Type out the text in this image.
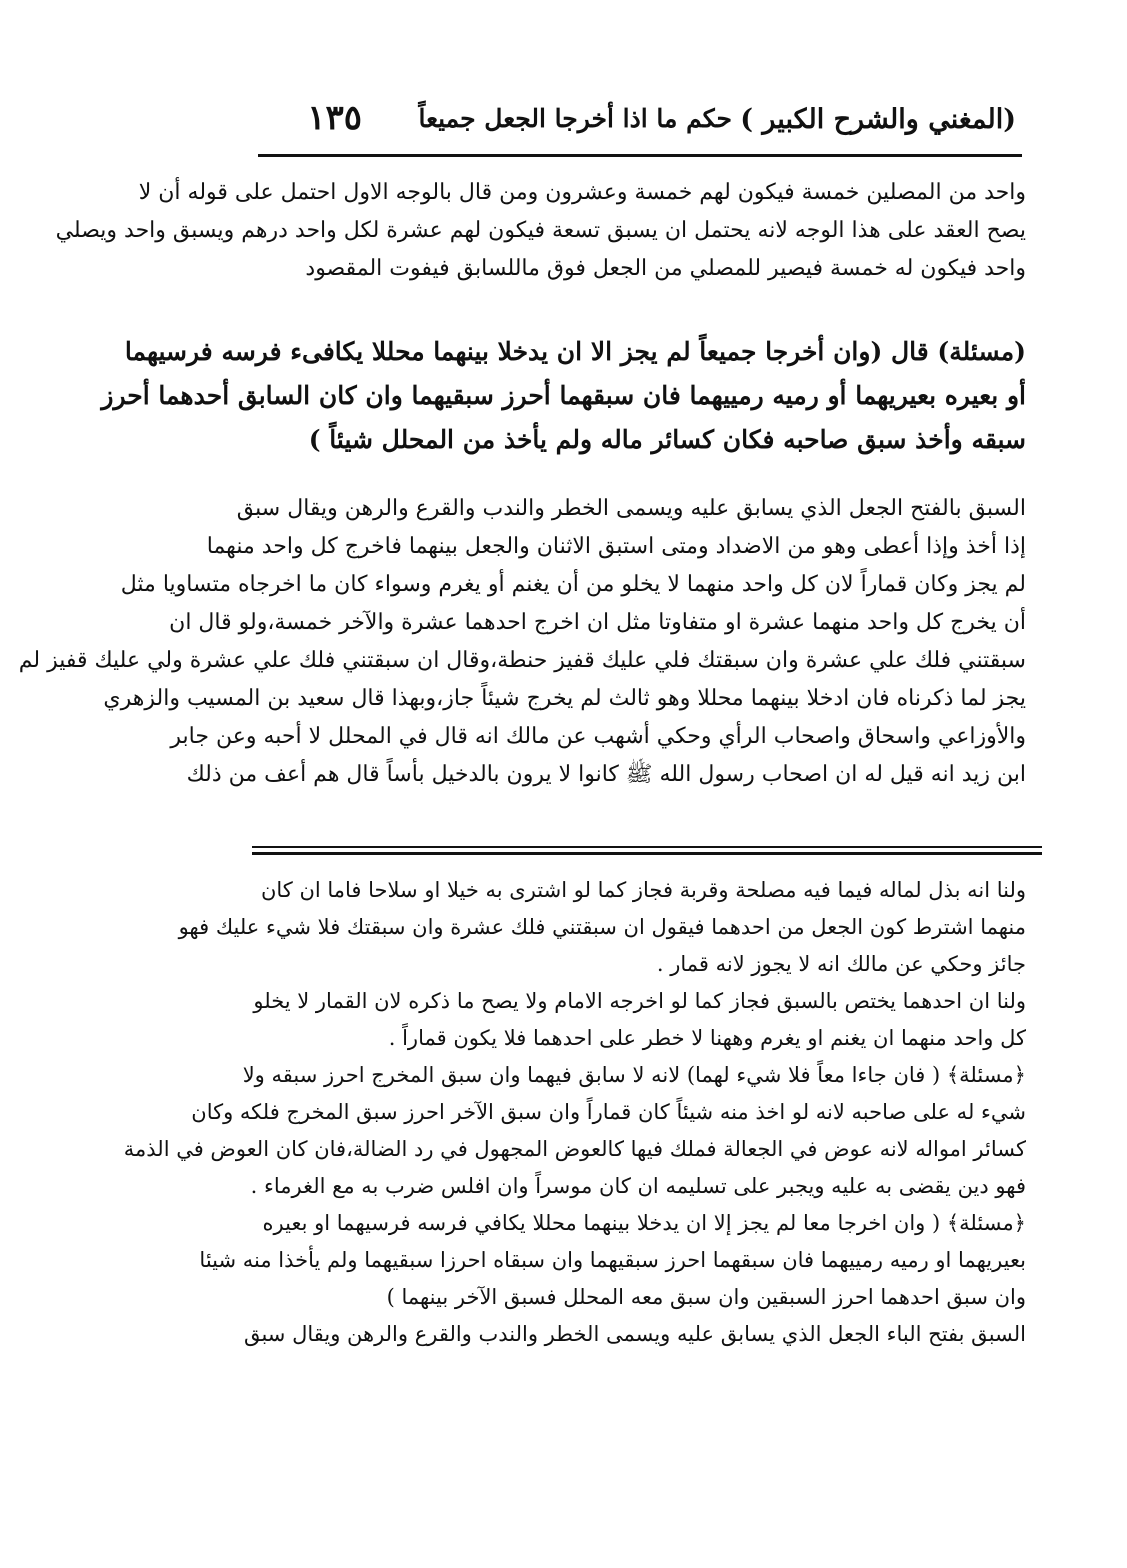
(المغني والشرح الكبير )
حكم ما اذا أخرجا الجعل جميعاً
١٣٥
واحد من المصلين خمسة فيكون لهم خمسة وعشرون ومن قال بالوجه الاول احتمل على قوله أن لا
يصح العقد على هذا الوجه لانه يحتمل ان يسبق تسعة فيكون لهم عشرة لكل واحد درهم ويسبق واحد ويصلي
واحد فيكون له خمسة فيصير للمصلي من الجعل فوق ماللسابق فيفوت المقصود
(مسئلة) قال (وان أخرجا جميعاً لم يجز الا ان يدخلا بينهما محللا يكافىء فرسه فرسيهما
أو بعيره بعيريهما أو رميه رمييهما فان سبقهما أحرز سبقيهما وان كان السابق أحدهما أحرز
سبقه وأخذ سبق صاحبه فكان كسائر ماله ولم يأخذ من المحلل شيئاً )
السبق بالفتح الجعل الذي يسابق عليه ويسمى الخطر والندب والقرع والرهن ويقال سبق
إذا أخذ وإذا أعطى وهو من الاضداد ومتى استبق الاثنان والجعل بينهما فاخرج كل واحد منهما
لم يجز وكان قماراً لان كل واحد منهما لا يخلو من أن يغنم أو يغرم وسواء كان ما اخرجاه متساويا مثل
أن يخرج كل واحد منهما عشرة او متفاوتا مثل ان اخرج احدهما عشرة والآخر خمسة،ولو قال ان
سبقتني فلك علي عشرة وان سبقتك فلي عليك قفيز حنطة،وقال ان سبقتني فلك علي عشرة ولي عليك قفيز لم
يجز لما ذكرناه فان ادخلا بينهما محللا وهو ثالث لم يخرج شيئاً جاز،وبهذا قال سعيد بن المسيب والزهري
والأوزاعي واسحاق واصحاب الرأي وحكي أشهب عن مالك انه قال في المحلل لا أحبه وعن جابر
ابن زيد انه قيل له ان اصحاب رسول الله ﷺ كانوا لا يرون بالدخيل بأساً قال هم أعف من ذلك
ولنا انه بذل لماله فيما فيه مصلحة وقربة فجاز كما لو اشترى به خيلا او سلاحا فاما ان كان
منهما اشترط كون الجعل من احدهما فيقول ان سبقتني فلك عشرة وان سبقتك فلا شيء عليك فهو
جائز وحكي عن مالك انه لا يجوز لانه قمار .
ولنا ان احدهما يختص بالسبق فجاز كما لو اخرجه الامام ولا يصح ما ذكره لان القمار لا يخلو
كل واحد منهما ان يغنم او يغرم وههنا لا خطر على احدهما فلا يكون قماراً .
﴿مسئلة﴾ ( فان جاءا معاً فلا شيء لهما) لانه لا سابق فيهما وان سبق المخرج احرز سبقه ولا
شيء له على صاحبه لانه لو اخذ منه شيئاً كان قماراً وان سبق الآخر احرز سبق المخرج فلكه وكان
كسائر امواله لانه عوض في الجعالة فملك فيها كالعوض المجهول في رد الضالة،فان كان العوض في الذمة
فهو دين يقضى به عليه ويجبر على تسليمه ان كان موسراً وان افلس ضرب به مع الغرماء .
﴿مسئلة﴾ ( وان اخرجا معا لم يجز إلا ان يدخلا بينهما محللا يكافي فرسه فرسيهما او بعيره
بعيريهما او رميه رمييهما فان سبقهما احرز سبقيهما وان سبقاه احرزا سبقيهما ولم يأخذا منه شيئا
وان سبق احدهما احرز السبقين وان سبق معه المحلل فسبق الآخر بينهما )
السبق بفتح الباء الجعل الذي يسابق عليه ويسمى الخطر والندب والقرع والرهن ويقال سبق
